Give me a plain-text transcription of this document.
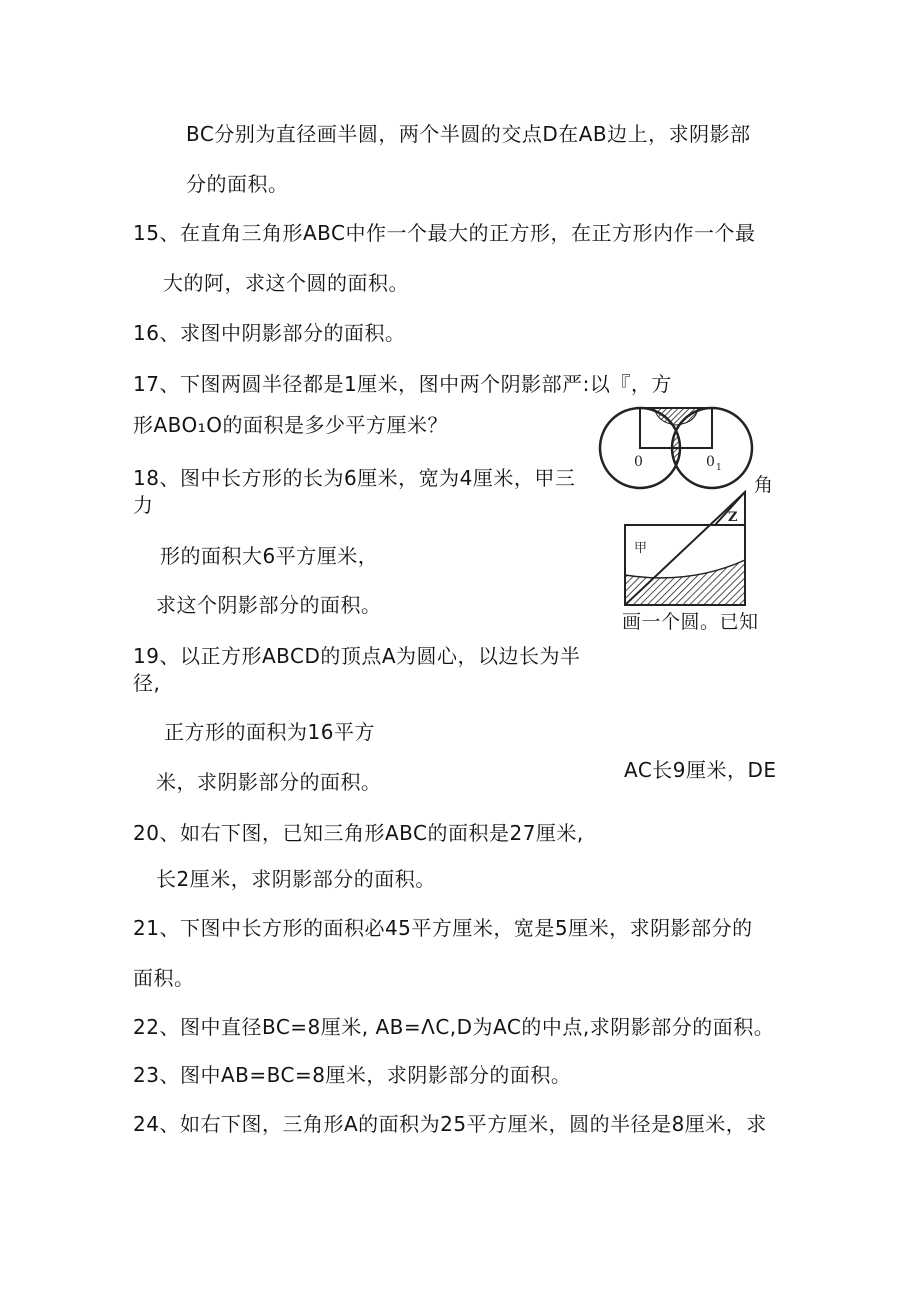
BC分别为直径画半圆，两个半圆的交点D在AB边上，求阴影部
分的面积。
15、在直角三角形ABC中作一个最大的正方形，在正方形内作一个最
大的阿，求这个圆的面积。
16、求图中阴影部分的面积。
17、下图两圆半径都是1厘米，图中两个阴影部严:以『，方
形ABO₁O的面积是多少平方厘米？
18、图中长方形的长为6厘米，宽为4厘米，甲三
力
形的面积大6平方厘米，
求这个阴影部分的面积。
19、以正方形ABCD的顶点A为圆心，以边长为半
径,
正方形的面积为16平方
米，求阴影部分的面积。	AC长9厘米，DE
20、如右下图，已知三角形ABC的面积是27厘米,
长2厘米，求阴影部分的面积。
21、下图中长方形的面积必45平方厘米，宽是5厘米，求阴影部分的
面积。
22、图中直径BC=8厘米, AB=ΛC,D为AC的中点,求阴影部分的面积。
23、图中AB=BC=8厘米，求阴影部分的面积。
24、如右下图，三角形A的面积为25平方厘米，圆的半径是8厘米，求
0	0 1
角
甲
Z
画一个圆。已知
